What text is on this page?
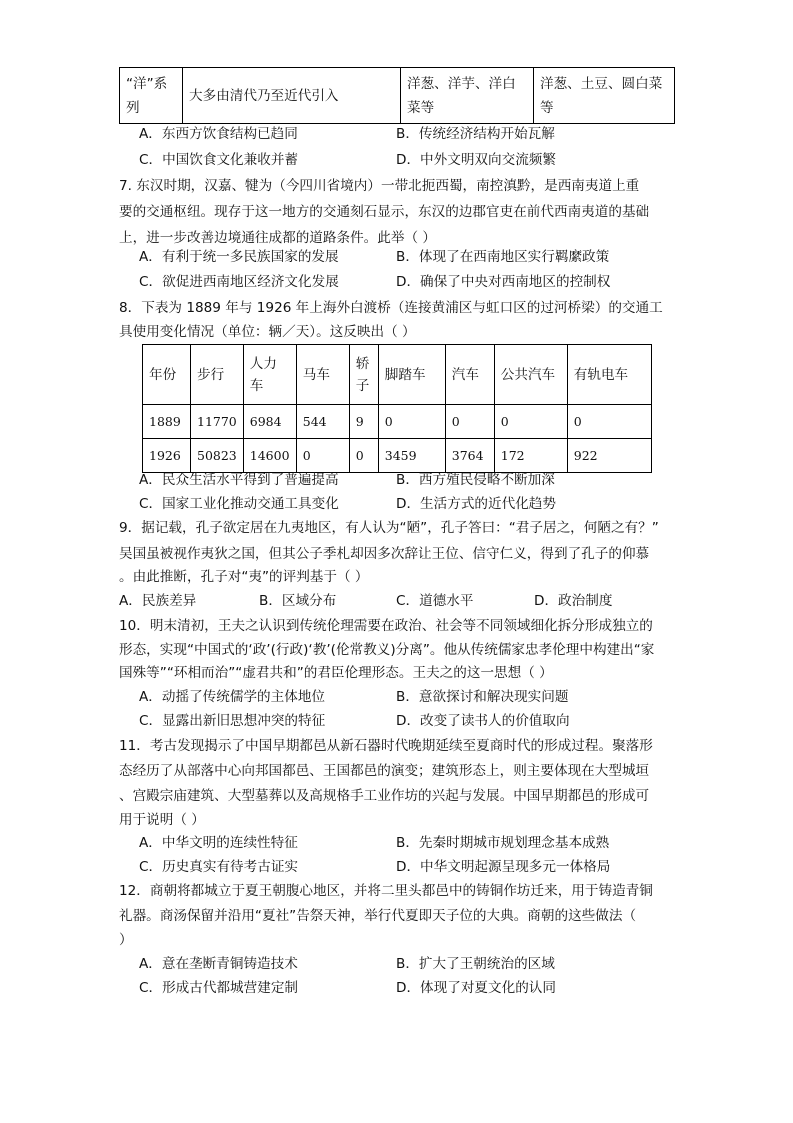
“洋”系列	大多由清代乃至近代引入	洋葱、洋芋、洋白菜等	洋葱、土豆、圆白菜等
A．东西方饮食结构已趋同	B．传统经济结构开始瓦解
C．中国饮食文化兼收并蓄	D．中外文明双向交流频繁
7. 东汉时期，汉嘉、犍为（今四川省境内）一带北扼西蜀，南控滇黔，是西南夷道上重
要的交通枢纽。现存于这一地方的交通刻石显示，东汉的边郡官吏在前代西南夷道的基础
上，进一步改善边境通往成都的道路条件。此举（ ）
A．有利于统一多民族国家的发展	B．体现了在西南地区实行羁縻政策
C．欲促进西南地区经济文化发展	D．确保了中央对西南地区的控制权
8．下表为 1889 年与 1926 年上海外白渡桥（连接黄浦区与虹口区的过河桥梁）的交通工
具使用变化情况（单位：辆／天）。这反映出（ ）
年份	步行	人力车	马车	轿子	脚踏车	汽车	公共汽车	有轨电车
1889	11770	6984	544	9	0	0	0	0
1926	50823	14600	0	0	3459	3764	172	922
A．民众生活水平得到了普遍提高	B．西方殖民侵略不断加深
C．国家工业化推动交通工具变化	D．生活方式的近代化趋势
9．据记载，孔子欲定居在九夷地区，有人认为“陋”，孔子答曰：“君子居之，何陋之有？”
吴国虽被视作夷狄之国，但其公子季札却因多次辞让王位、信守仁义，得到了孔子的仰慕
。由此推断，孔子对“夷”的评判基于（ ）
A．民族差异	B．区域分布	C．道德水平	D．政治制度
10．明末清初，王夫之认识到传统伦理需要在政治、社会等不同领域细化拆分形成独立的
形态，实现“中国式的‘政’(行政)‘教’(伦常教义)分离”。他从传统儒家忠孝伦理中构建出“家
国殊等”“环相而治”“虚君共和”的君臣伦理形态。王夫之的这一思想（ ）
A．动摇了传统儒学的主体地位	B．意欲探讨和解决现实问题
C．显露出新旧思想冲突的特征	D．改变了读书人的价值取向
11．考古发现揭示了中国早期都邑从新石器时代晚期延续至夏商时代的形成过程。聚落形
态经历了从部落中心向邦国都邑、王国都邑的演变；建筑形态上，则主要体现在大型城垣
、宫殿宗庙建筑、大型墓葬以及高规格手工业作坊的兴起与发展。中国早期都邑的形成可
用于说明（ ）
A．中华文明的连续性特征	B．先秦时期城市规划理念基本成熟
C．历史真实有待考古证实	D．中华文明起源呈现多元一体格局
12．商朝将都城立于夏王朝腹心地区，并将二里头都邑中的铸铜作坊迁来，用于铸造青铜
礼器。商汤保留并沿用“夏社”告祭天神，举行代夏即天子位的大典。商朝的这些做法（
）
A．意在垄断青铜铸造技术	B．扩大了王朝统治的区域
C．形成古代都城营建定制	D．体现了对夏文化的认同
